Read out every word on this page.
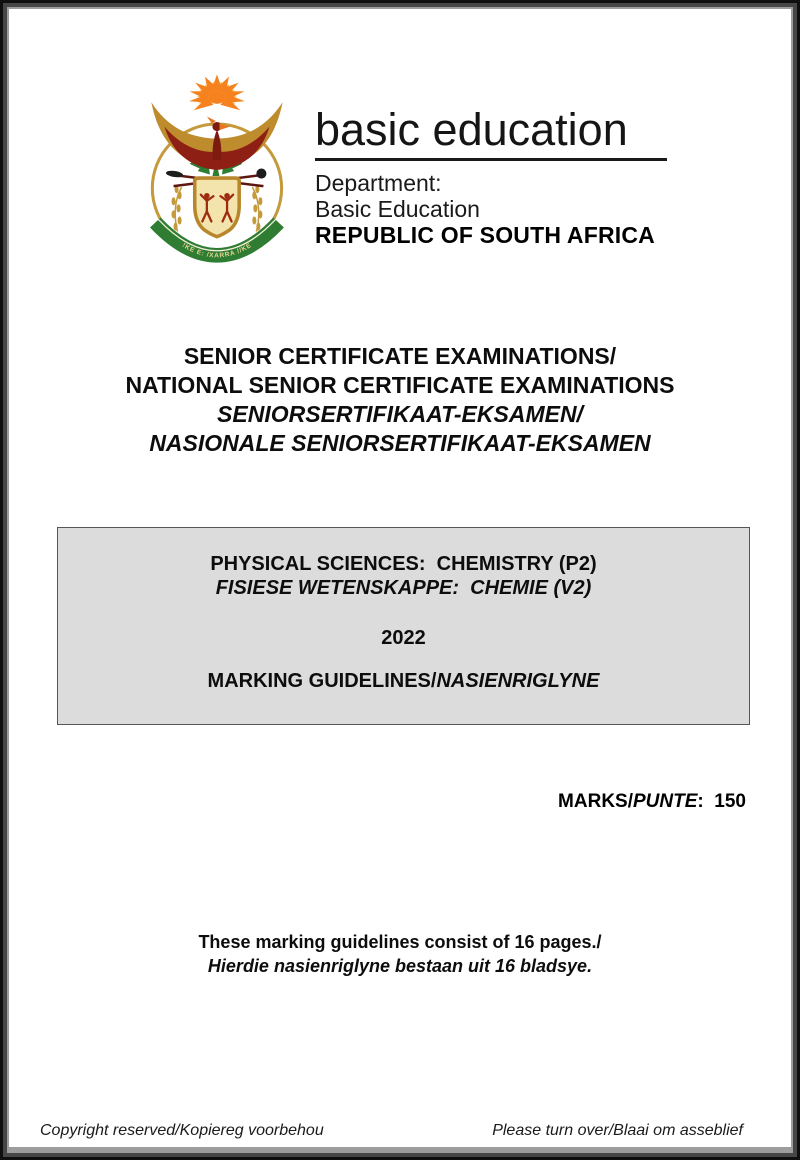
!KE E: /XARRA //KE
basic education
Department:
Basic Education
REPUBLIC OF SOUTH AFRICA
SENIOR CERTIFICATE EXAMINATIONS/
NATIONAL SENIOR CERTIFICATE EXAMINATIONS
SENIORSERTIFIKAAT-EKSAMEN/
NASIONALE SENIORSERTIFIKAAT-EKSAMEN
PHYSICAL SCIENCES:  CHEMISTRY (P2)
FISIESE WETENSKAPPE:  CHEMIE (V2)
2022
MARKING GUIDELINES/NASIENRIGLYNE

MARKS/PUNTE:  150

These marking guidelines consist of 16 pages./
Hierdie nasienriglyne bestaan uit 16 bladsye.
Copyright reserved/Kopiereg voorbehou	Please turn over/Blaai om asseblief
